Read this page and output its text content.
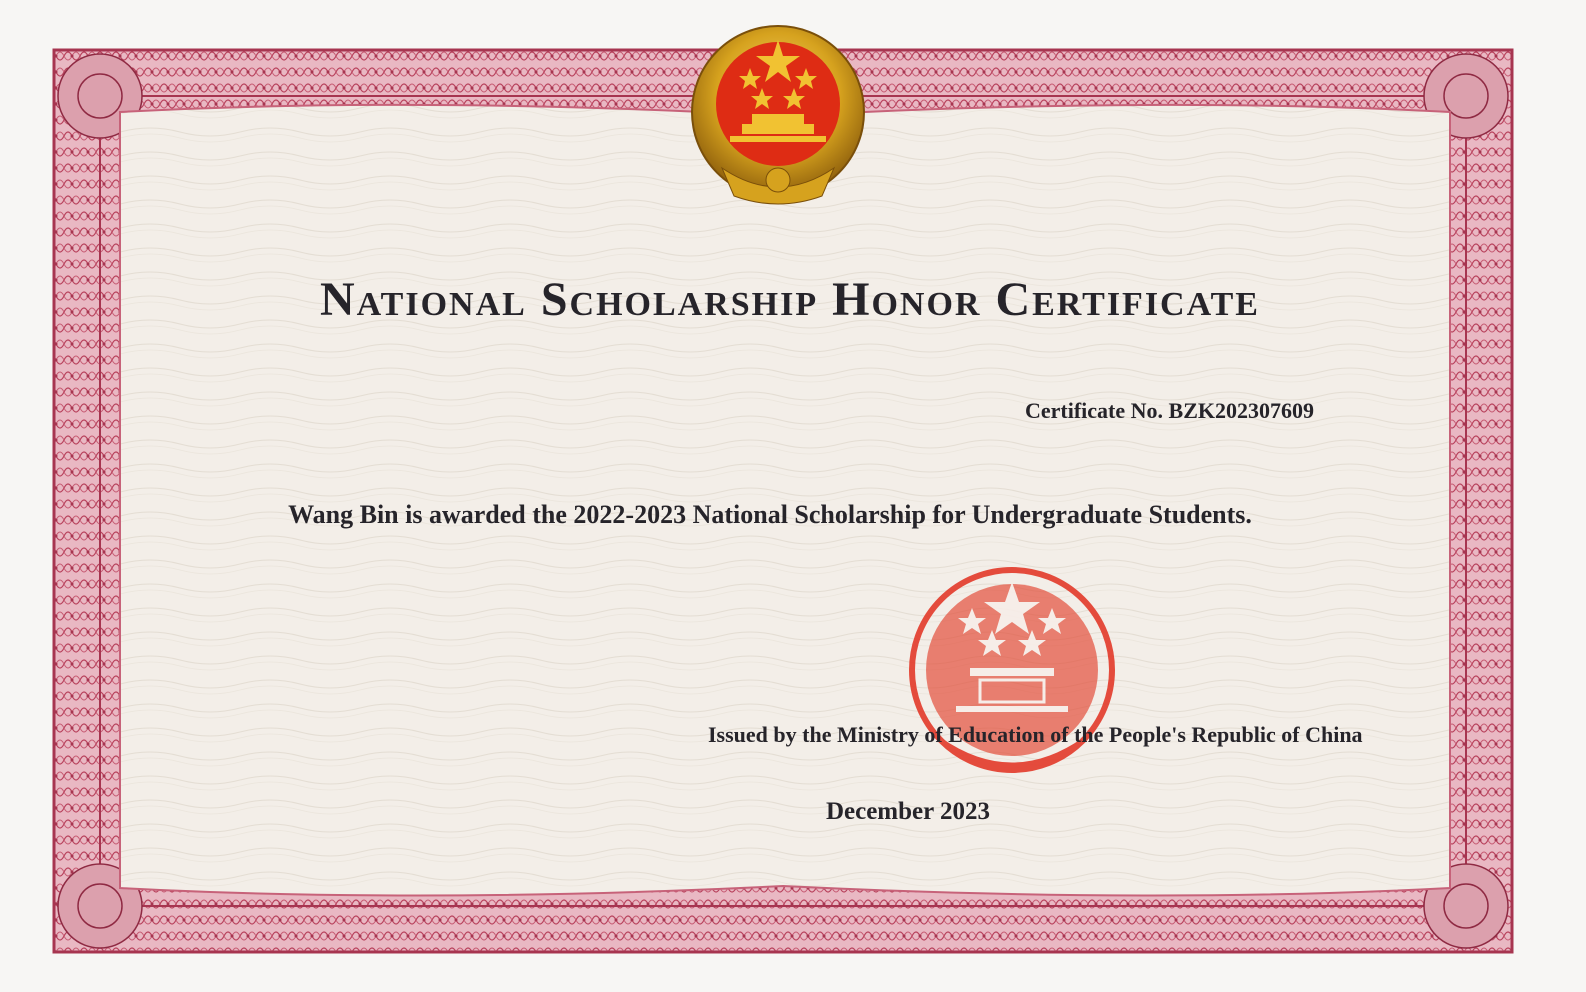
National Scholarship Honor Certificate

Certificate No. BZK202307609

Wang Bin is awarded the 2022-2023 National Scholarship for Undergraduate Students.

Issued by the Ministry of Education of the People's Republic of China

December 2023
